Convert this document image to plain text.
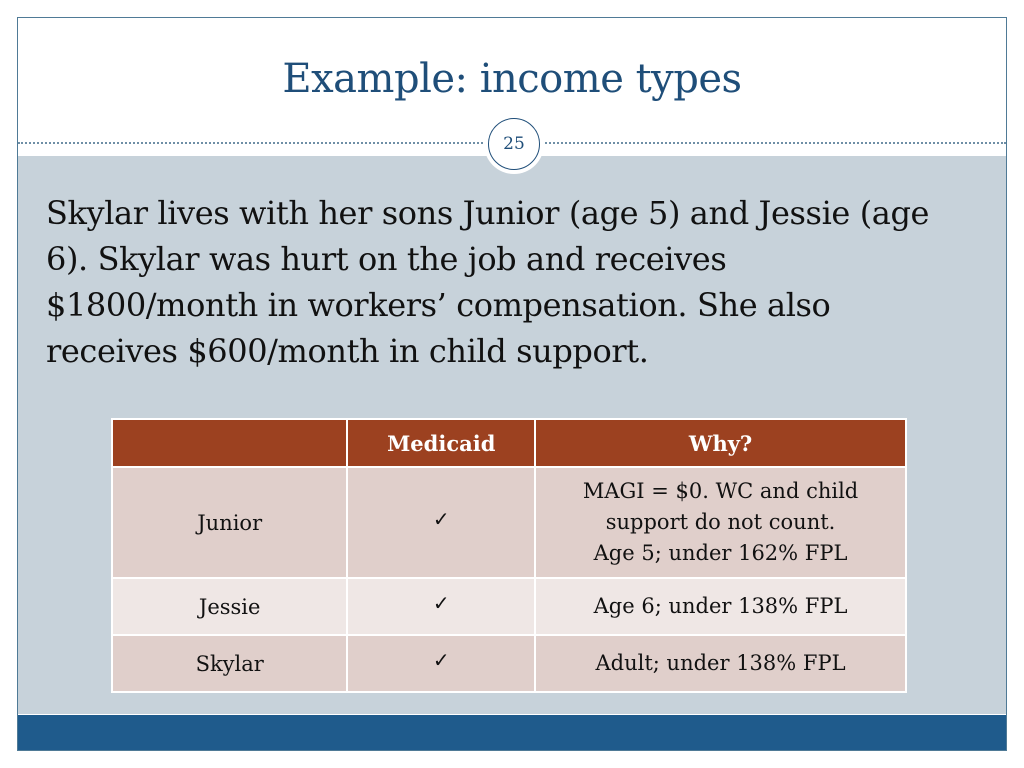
Example: income types
25
Skylar lives with her sons Junior (age 5) and Jessie (age 6). Skylar was hurt on the job and receives $1800/month in workers’ compensation. She also receives $600/month in child support.
	Medicaid	Why?
Junior	✓	MAGI = $0. WC and child
support do not count.
Age 5; under 162% FPL

Jessie	✓	Age 6; under 138% FPL

Skylar	✓	Adult; under 138% FPL
